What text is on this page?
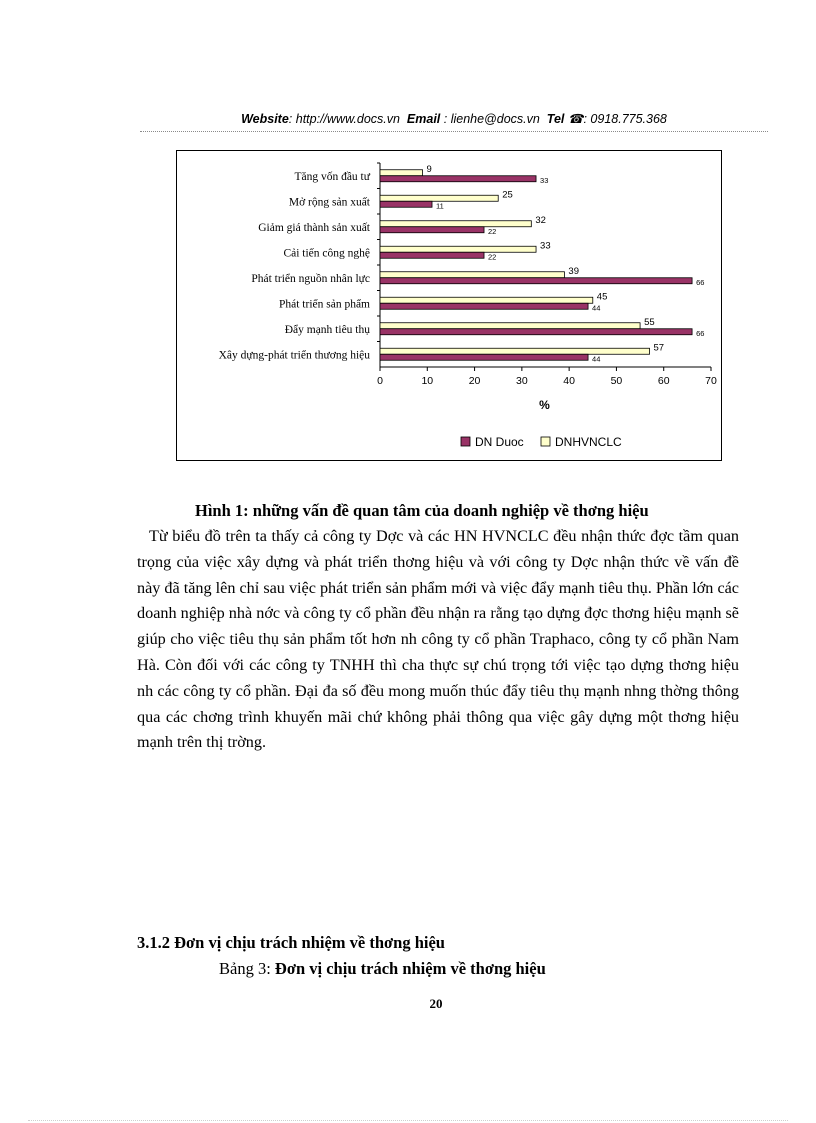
Website: http://www.docs.vn Email : lienhe@docs.vn Tel ☎: 0918.775.368
Tăng vốn đầu tư
9
33
Mở rộng sản xuất
25
11
Giảm giá thành sản xuất
32
22
Cải tiến công nghệ
33
22
Phát triển nguồn nhân lực
39
66
Phát triển sản phẩm
45
44
Đẩy mạnh tiêu thụ
55
66
Xây dựng-phát triển thương hiệu
57
44
0	10	20	30	40	50	60	70
%
DN Duoc	DNHVNCLC
Hình 1: những vấn đề quan tâm của doanh nghiệp về thơng hiệu

Từ biểu đồ trên ta thấy cả công ty Dợc và các HN HVNCLC đều nhận thức đợc tầm quan trọng của việc xây dựng và phát triển thơng hiệu và với công ty Dợc nhận thức về vấn đề này đã tăng lên chỉ sau việc phát triển sản phẩm mới và việc đẩy mạnh tiêu thụ. Phần lớn các doanh nghiệp nhà nớc và công ty cổ phần đều nhận ra rằng tạo dựng đợc thơng hiệu mạnh sẽ giúp cho việc tiêu thụ sản phẩm tốt hơn nh công ty cổ phần Traphaco, công ty cổ phần Nam Hà. Còn đối với các công ty TNHH thì cha thực sự chú trọng tới việc tạo dựng thơng hiệu nh các công ty cổ phần. Đại đa số đều mong muốn thúc đẩy tiêu thụ mạnh nhng thờng thông qua các chơng trình khuyến mãi chứ không phải thông qua việc gây dựng một thơng hiệu mạnh trên thị trờng.

3.1.2 Đơn vị chịu trách nhiệm về thơng hiệu
Bảng 3: Đơn vị chịu trách nhiệm về thơng hiệu
20
